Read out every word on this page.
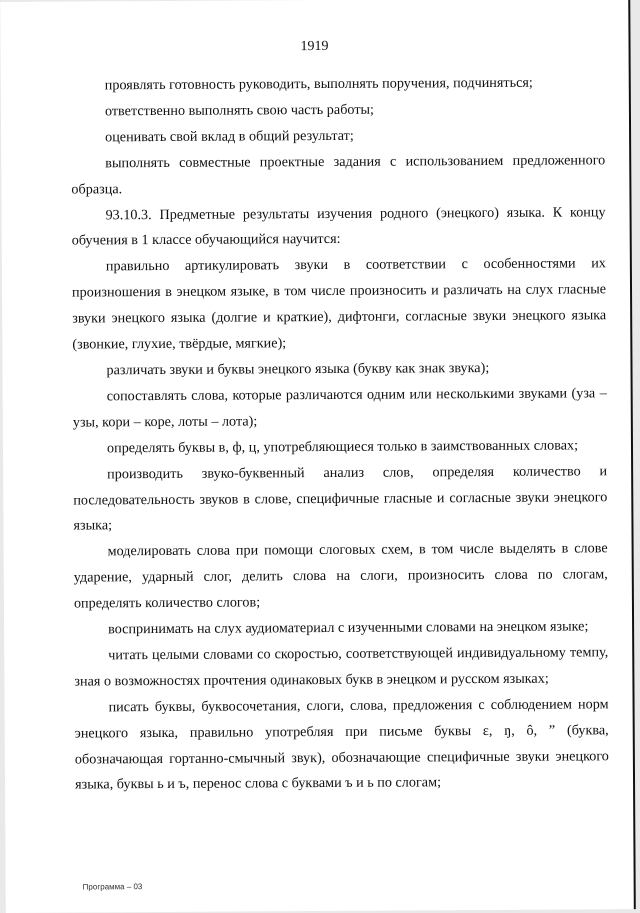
1919

проявлять готовность руководить, выполнять поручения, подчиняться;

ответственно выполнять свою часть работы;

оценивать свой вклад в общий результат;

выполнять совместные проектные задания с использованием предложенного образца.

93.10.3. Предметные результаты изучения родного (энецкого) языка. К концу обучения в 1 классе обучающийся научится:

правильно артикулировать звуки в соответствии с особенностями их произношения в энецком языке, в том числе произносить и различать на слух гласные звуки энецкого языка (долгие и краткие), дифтонги, согласные звуки энецкого языка (звонкие, глухие, твёрдые, мягкие);

различать звуки и буквы энецкого языка (букву как знак звука);

сопоставлять слова, которые различаются одним или несколькими звуками (уза – узы, кори – коре, лоты – лота);

определять буквы в, ф, ц, употребляющиеся только в заимствованных словах;

производить звуко-буквенный анализ слов, определяя количество и последовательность звуков в слове, специфичные гласные и согласные звуки энецкого языка;

моделировать слова при помощи слоговых схем, в том числе выделять в слове ударение, ударный слог, делить слова на слоги, произносить слова по слогам, определять количество слогов;

воспринимать на слух аудиоматериал с изученными словами на энецком языке;

читать целыми словами со скоростью, соответствующей индивидуальному темпу, зная о возможностях прочтения одинаковых букв в энецком и русском языках;

писать буквы, буквосочетания, слоги, слова, предложения с соблюдением норм энецкого языка, правильно употребляя при письме буквы ɛ, ŋ, ô, ” (буква, обозначающая гортанно-смычный звук), обозначающие специфичные звуки энецкого языка, буквы ь и ъ, перенос слова с буквами ъ и ь по слогам;

Программа – 03
